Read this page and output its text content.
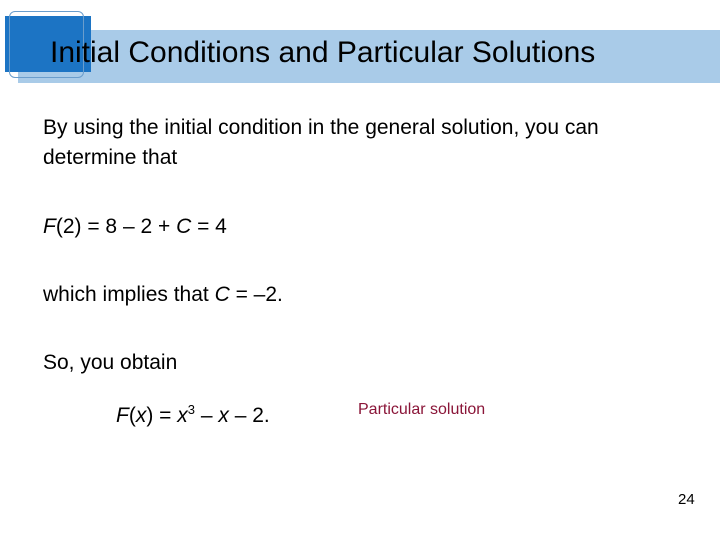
Initial Conditions and Particular Solutions
By using the initial condition in the general solution, you can determine that
F(2) = 8 – 2 + C = 4
which implies that C = –2.
So, you obtain
$F(x) = x^3 - x - 2$.	Particular solution
24
